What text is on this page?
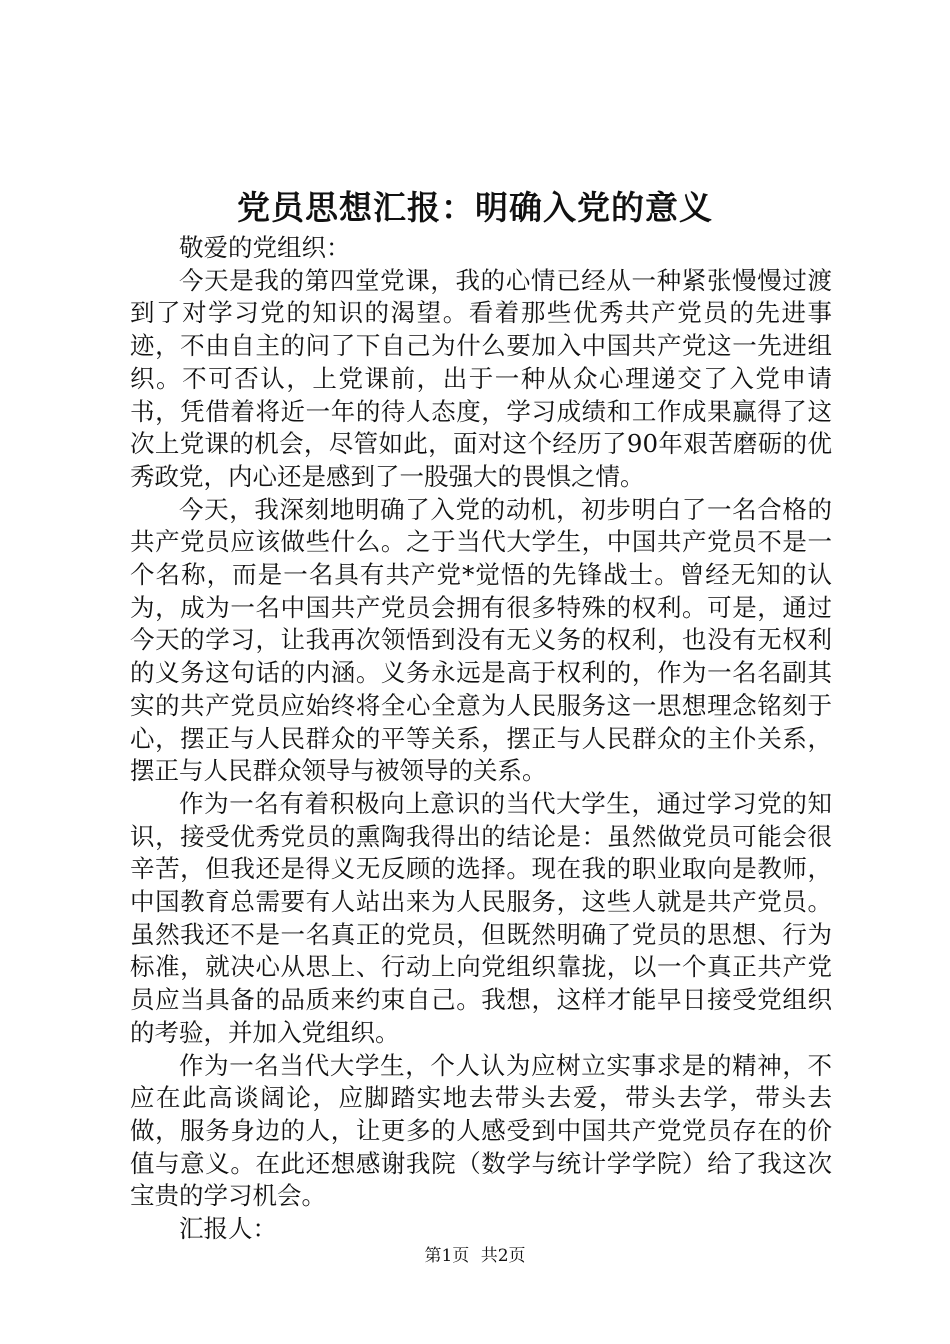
党员思想汇报：明确入党的意义

敬爱的党组织：

今天是我的第四堂党课，我的心情已经从一种紧张慢慢过渡到了对学习党的知识的渴望。看着那些优秀共产党员的先进事迹，不由自主的问了下自己为什么要加入中国共产党这一先进组织。不可否认，上党课前，出于一种从众心理递交了入党申请书，凭借着将近一年的待人态度，学习成绩和工作成果赢得了这次上党课的机会，尽管如此，面对这个经历了90年艰苦磨砺的优秀政党，内心还是感到了一股强大的畏惧之情。

今天，我深刻地明确了入党的动机，初步明白了一名合格的共产党员应该做些什么。之于当代大学生，中国共产党员不是一个名称，而是一名具有共产党*觉悟的先锋战士。曾经无知的认为，成为一名中国共产党员会拥有很多特殊的权利。可是，通过今天的学习，让我再次领悟到没有无义务的权利，也没有无权利的义务这句话的内涵。义务永远是高于权利的，作为一名名副其实的共产党员应始终将全心全意为人民服务这一思想理念铭刻于心，摆正与人民群众的平等关系，摆正与人民群众的主仆关系，摆正与人民群众领导与被领导的关系。

作为一名有着积极向上意识的当代大学生，通过学习党的知识，接受优秀党员的熏陶我得出的结论是：虽然做党员可能会很辛苦，但我还是得义无反顾的选择。现在我的职业取向是教师，中国教育总需要有人站出来为人民服务，这些人就是共产党员。虽然我还不是一名真正的党员，但既然明确了党员的思想、行为标准，就决心从思上、行动上向党组织靠拢，以一个真正共产党员应当具备的品质来约束自己。我想，这样才能早日接受党组织的考验，并加入党组织。

作为一名当代大学生，个人认为应树立实事求是的精神，不应在此高谈阔论，应脚踏实地去带头去爱，带头去学，带头去做，服务身边的人，让更多的人感受到中国共产党党员存在的价值与意义。在此还想感谢我院（数学与统计学学院）给了我这次宝贵的学习机会。

汇报人：

第1页 共2页
